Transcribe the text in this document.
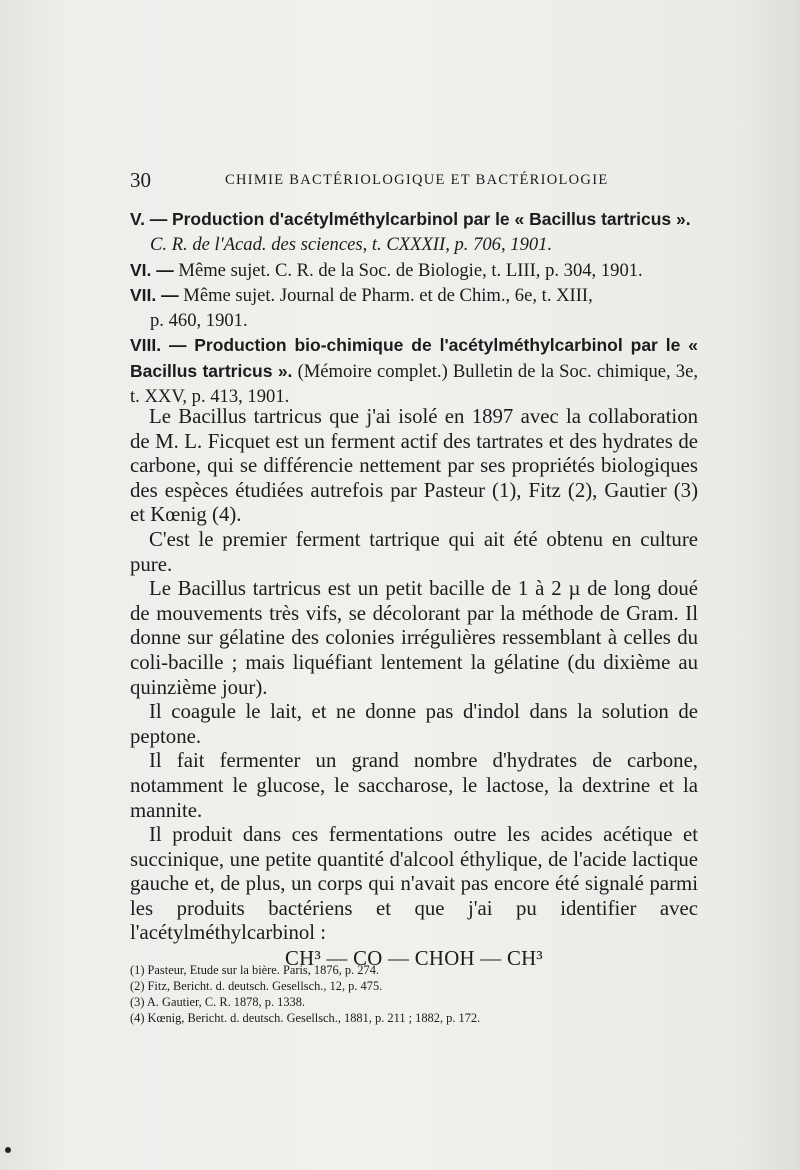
30	CHIMIE BACTÉRIOLOGIQUE ET BACTÉRIOLOGIE
V. — Production d'acétylméthylcarbinol par le « Bacillus tartricus ».
C. R. de l'Acad. des sciences, t. CXXXII, p. 706, 1901.
VI. — Même sujet. C. R. de la Soc. de Biologie, t. LIII, p. 304, 1901.
VII. — Même sujet. Journal de Pharm. et de Chim., 6e, t. XIII,
p. 460, 1901.
VIII. — Production bio-chimique de l'acétylméthylcarbinol par le « Bacillus tartricus ». (Mémoire complet.) Bulletin de la Soc. chimique, 3e, t. XXV, p. 413, 1901.

Le Bacillus tartricus que j'ai isolé en 1897 avec la collaboration de M. L. Ficquet est un ferment actif des tartrates et des hydrates de carbone, qui se différencie nettement par ses propriétés biologiques des espèces étudiées autrefois par Pasteur (1), Fitz (2), Gautier (3) et Kœnig (4).

C'est le premier ferment tartrique qui ait été obtenu en culture pure.

Le Bacillus tartricus est un petit bacille de 1 à 2 µ de long doué de mouvements très vifs, se décolorant par la méthode de Gram. Il donne sur gélatine des colonies irrégulières ressemblant à celles du coli-bacille ; mais liquéfiant lentement la gélatine (du dixième au quinzième jour).

Il coagule le lait, et ne donne pas d'indol dans la solution de peptone.

Il fait fermenter un grand nombre d'hydrates de carbone, notamment le glucose, le saccharose, le lactose, la dextrine et la mannite.

Il produit dans ces fermentations outre les acides acétique et succinique, une petite quantité d'alcool éthylique, de l'acide lactique gauche et, de plus, un corps qui n'avait pas encore été signalé parmi les produits bactériens et que j'ai pu identifier avec l'acétylméthylcarbinol :

CH³ — CO — CHOH — CH³
(1) Pasteur, Etude sur la bière. Paris, 1876, p. 274.
(2) Fitz, Bericht. d. deutsch. Gesellsch., 12, p. 475.
(3) A. Gautier, C. R. 1878, p. 1338.
(4) Kœnig, Bericht. d. deutsch. Gesellsch., 1881, p. 211 ; 1882, p. 172.
